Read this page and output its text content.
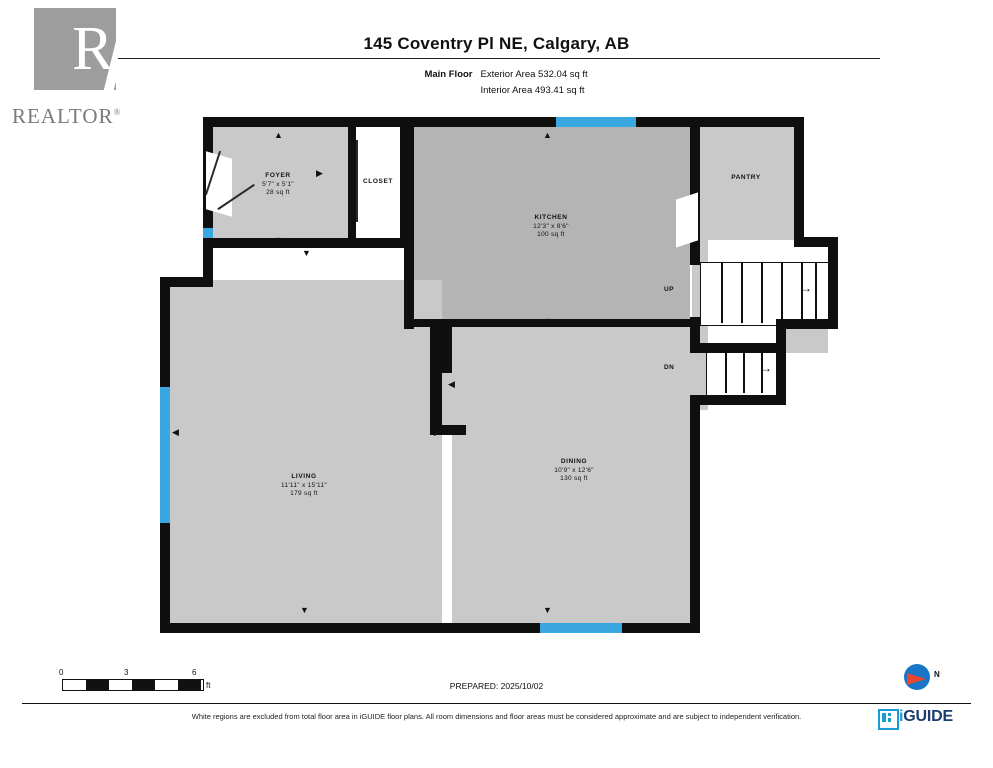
R
REALTOR®
145 Coventry Pl NE, Calgary, AB
Main Floor Exterior Area 532.04 sq ft
Interior Area 493.41 sq ft
→
UP
→
DN
▲	▲
▼
▼
▼
▶
◀
◀
▶
▼	▼
FOYER
5'7" x 5'1"
28 sq ft
CLOSET
KITCHEN
12'3" x 8'6"
100 sq ft
PANTRY
LIVING
11'11" x 15'11"
179 sq ft
DINING
10'9" x 12'6"
130 sq ft
0	3	6
ft	PREPARED: 2025/10/02
N
White regions are excluded from total floor area in iGUIDE floor plans. All room dimensions and floor areas must be considered approximate and are subject to independent verification.	iGUIDE
